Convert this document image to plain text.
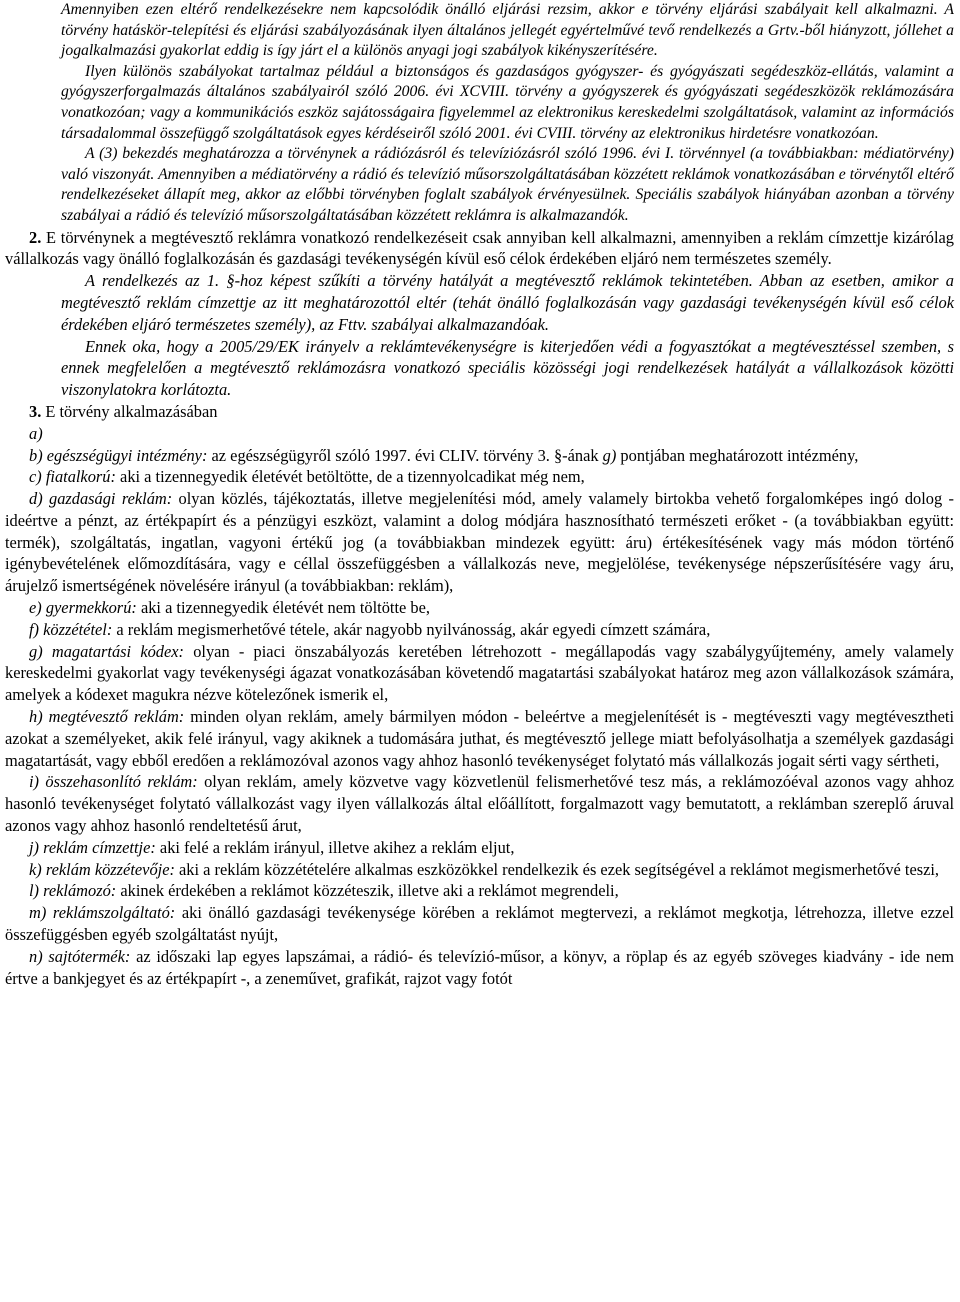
Amennyiben ezen eltérő rendelkezésekre nem kapcsolódik önálló eljárási rezsim, akkor e törvény eljárási szabályait kell alkalmazni. A törvény hatáskör-telepítési és eljárási szabályozásának ilyen általános jellegét egyértelművé tevő rendelkezés a Grtv.-ből hiányzott, jóllehet a jogalkalmazási gyakorlat eddig is így járt el a különös anyagi jogi szabályok kikényszerítésére.

Ilyen különös szabályokat tartalmaz például a biztonságos és gazdaságos gyógyszer- és gyógyászati segédeszköz-ellátás, valamint a gyógyszerforgalmazás általános szabályairól szóló 2006. évi XCVIII. törvény a gyógyszerek és gyógyászati segédeszközök reklámozására vonatkozóan; vagy a kommunikációs eszköz sajátosságaira figyelemmel az elektronikus kereskedelmi szolgáltatások, valamint az információs társadalommal összefüggő szolgáltatások egyes kérdéseiről szóló 2001. évi CVIII. törvény az elektronikus hirdetésre vonatkozóan.

A (3) bekezdés meghatározza a törvénynek a rádiózásról és televíziózásról szóló 1996. évi I. törvénnyel (a továbbiakban: médiatörvény) való viszonyát. Amennyiben a médiatörvény a rádió és televízió műsorszolgáltatásában közzétett reklámok vonatkozásában e törvénytől eltérő rendelkezéseket állapít meg, akkor az előbbi törvényben foglalt szabályok érvényesülnek. Speciális szabályok hiányában azonban a törvény szabályai a rádió és televízió műsorszolgáltatásában közzétett reklámra is alkalmazandók.

2. E törvénynek a megtévesztő reklámra vonatkozó rendelkezéseit csak annyiban kell alkalmazni, amennyiben a reklám címzettje kizárólag vállalkozás vagy önálló foglalkozásán és gazdasági tevékenységén kívül eső célok érdekében eljáró nem természetes személy.

A rendelkezés az 1. §-hoz képest szűkíti a törvény hatályát a megtévesztő reklámok tekintetében. Abban az esetben, amikor a megtévesztő reklám címzettje az itt meghatározottól eltér (tehát önálló foglalkozásán vagy gazdasági tevékenységén kívül eső célok érdekében eljáró természetes személy), az Fttv. szabályai alkalmazandóak.

Ennek oka, hogy a 2005/29/EK irányelv a reklámtevékenységre is kiterjedően védi a fogyasztókat a megtévesztéssel szemben, s ennek megfelelően a megtévesztő reklámozásra vonatkozó speciális közösségi jogi rendelkezések hatályát a vállalkozások közötti viszonylatokra korlátozta.

3. E törvény alkalmazásában

a)

b) egészségügyi intézmény: az egészségügyről szóló 1997. évi CLIV. törvény 3. §-ának g) pontjában meghatározott intézmény,

c) fiatalkorú: aki a tizennegyedik életévét betöltötte, de a tizennyolcadikat még nem,

d) gazdasági reklám: olyan közlés, tájékoztatás, illetve megjelenítési mód, amely valamely birtokba vehető forgalomképes ingó dolog - ideértve a pénzt, az értékpapírt és a pénzügyi eszközt, valamint a dolog módjára hasznosítható természeti erőket - (a továbbiakban együtt: termék), szolgáltatás, ingatlan, vagyoni értékű jog (a továbbiakban mindezek együtt: áru) értékesítésének vagy más módon történő igénybevételének előmozdítására, vagy e céllal összefüggésben a vállalkozás neve, megjelölése, tevékenysége népszerűsítésére vagy áru, árujelző ismertségének növelésére irányul (a továbbiakban: reklám),

e) gyermekkorú: aki a tizennegyedik életévét nem töltötte be,

f) közzététel: a reklám megismerhetővé tétele, akár nagyobb nyilvánosság, akár egyedi címzett számára,

g) magatartási kódex: olyan - piaci önszabályozás keretében létrehozott - megállapodás vagy szabálygyűjtemény, amely valamely kereskedelmi gyakorlat vagy tevékenységi ágazat vonatkozásában követendő magatartási szabályokat határoz meg azon vállalkozások számára, amelyek a kódexet magukra nézve kötelezőnek ismerik el,

h) megtévesztő reklám: minden olyan reklám, amely bármilyen módon - beleértve a megjelenítését is - megtéveszti vagy megtévesztheti azokat a személyeket, akik felé irányul, vagy akiknek a tudomására juthat, és megtévesztő jellege miatt befolyásolhatja a személyek gazdasági magatartását, vagy ebből eredően a reklámozóval azonos vagy ahhoz hasonló tevékenységet folytató más vállalkozás jogait sérti vagy sértheti,

i) összehasonlító reklám: olyan reklám, amely közvetve vagy közvetlenül felismerhetővé tesz más, a reklámozóéval azonos vagy ahhoz hasonló tevékenységet folytató vállalkozást vagy ilyen vállalkozás által előállított, forgalmazott vagy bemutatott, a reklámban szereplő áruval azonos vagy ahhoz hasonló rendeltetésű árut,

j) reklám címzettje: aki felé a reklám irányul, illetve akihez a reklám eljut,

k) reklám közzétevője: aki a reklám közzétételére alkalmas eszközökkel rendelkezik és ezek segítségével a reklámot megismerhetővé teszi,

l) reklámozó: akinek érdekében a reklámot közzéteszik, illetve aki a reklámot megrendeli,

m) reklámszolgáltató: aki önálló gazdasági tevékenysége körében a reklámot megtervezi, a reklámot megkotja, létrehozza, illetve ezzel összefüggésben egyéb szolgáltatást nyújt,

n) sajtótermék: az időszaki lap egyes lapszámai, a rádió- és televízió-műsor, a könyv, a röplap és az egyéb szöveges kiadvány - ide nem értve a bankjegyet és az értékpapírt -, a zeneművet, grafikát, rajzot vagy fotót
